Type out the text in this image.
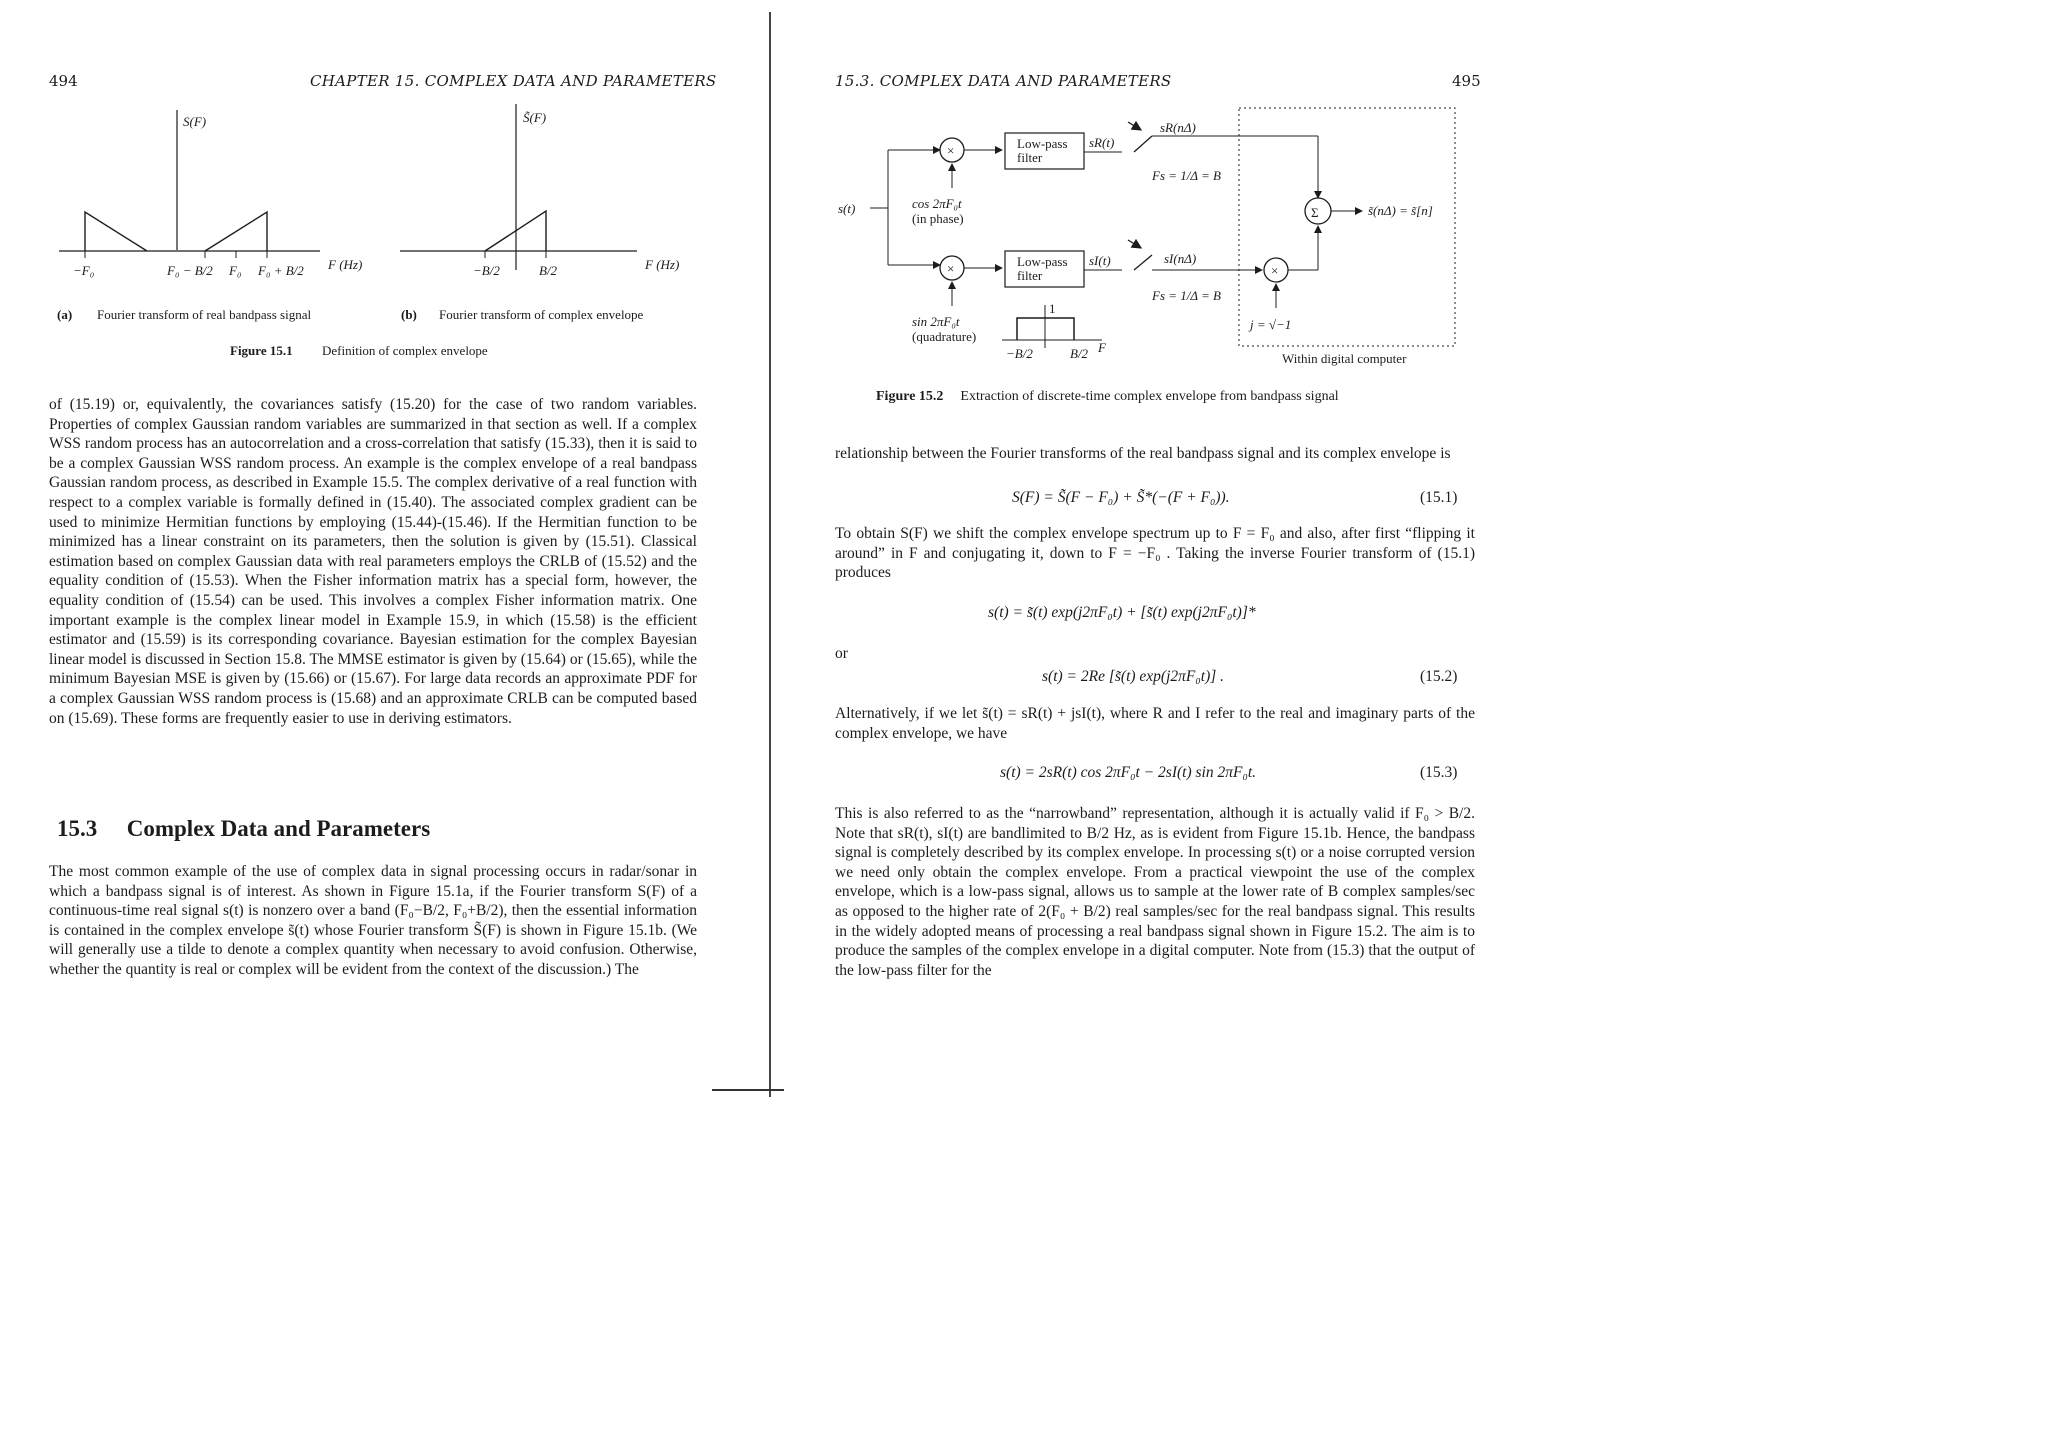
494	CHAPTER 15. COMPLEX DATA AND PARAMETERS
S(F)
−F₀	F₀ − B/2 F₀ F₀ + B/2 F (Hz)
S̃(F)
−B/2	B/2	F (Hz)
(a) Fourier transform of real bandpass signal	(b) Fourier transform of complex envelope
Figure 15.1 Definition of complex envelope

of (15.19) or, equivalently, the covariances satisfy (15.20) for the case of two random variables. Properties of complex Gaussian random variables are summarized in that section as well. If a complex WSS random process has an autocorrelation and a cross-correlation that satisfy (15.33), then it is said to be a complex Gaussian WSS random process. An example is the complex envelope of a real bandpass Gaussian random process, as described in Example 15.5. The complex derivative of a real function with respect to a complex variable is formally defined in (15.40). The associated complex gradient can be used to minimize Hermitian functions by employing (15.44)-(15.46). If the Hermitian function to be minimized has a linear constraint on its parameters, then the solution is given by (15.51). Classical estimation based on complex Gaussian data with real parameters employs the CRLB of (15.52) and the equality condition of (15.53). When the Fisher information matrix has a special form, however, the equality condition of (15.54) can be used. This involves a complex Fisher information matrix. One important example is the complex linear model in Example 15.9, in which (15.58) is the efficient estimator and (15.59) is its corresponding covariance. Bayesian estimation for the complex Bayesian linear model is discussed in Section 15.8. The MMSE estimator is given by (15.64) or (15.65), while the minimum Bayesian MSE is given by (15.66) or (15.67). For large data records an approximate PDF for a complex Gaussian WSS random process is (15.68) and an approximate CRLB can be computed based on (15.69). These forms are frequently easier to use in deriving estimators.

15.3 Complex Data and Parameters

The most common example of the use of complex data in signal processing occurs in radar/sonar in which a bandpass signal is of interest. As shown in Figure 15.1a, if the Fourier transform S(F) of a continuous-time real signal s(t) is nonzero over a band (F₀−B/2, F₀+B/2), then the essential information is contained in the complex envelope s̃(t) whose Fourier transform S̃(F) is shown in Figure 15.1b. (We will generally use a tilde to denote a complex quantity when necessary to avoid confusion. Otherwise, whether the quantity is real or complex will be evident from the context of the discussion.) The

15.3. COMPLEX DATA AND PARAMETERS	495
Within digital computer
s(t)
×
cos 2πF₀t
(in phase)
Low-pass
filter
sR(t)
sR(nΔ)
Fs = 1/Δ = B
Σ	s̃(nΔ) = s̃[n]
×
sin 2πF₀t
(quadrature)
Low-pass
filter
sI(t)	sI(nΔ)
Fs = 1/Δ = B
×
j = √−1
1
−B/2	B/2 F
Figure 15.2 Extraction of discrete-time complex envelope from bandpass signal

relationship between the Fourier transforms of the real bandpass signal and its complex envelope is

S(F) = S̃(F − F₀) + S̃*(−(F + F₀)).	(15.1)

To obtain S(F) we shift the complex envelope spectrum up to F = F₀ and also, after first “flipping it around” in F and conjugating it, down to F = −F₀ . Taking the inverse Fourier transform of (15.1) produces

s(t) = s̃(t) exp(j2πF₀t) + [s̃(t) exp(j2πF₀t)]*
or
s(t) = 2Re [s̃(t) exp(j2πF₀t)] .	(15.2)

Alternatively, if we let s̃(t) = sR(t) + jsI(t), where R and I refer to the real and imaginary parts of the complex envelope, we have

s(t) = 2sR(t) cos 2πF₀t − 2sI(t) sin 2πF₀t.	(15.3)

This is also referred to as the “narrowband” representation, although it is actually valid if F₀ > B/2. Note that sR(t), sI(t) are bandlimited to B/2 Hz, as is evident from Figure 15.1b. Hence, the bandpass signal is completely described by its complex envelope. In processing s(t) or a noise corrupted version we need only obtain the complex envelope. From a practical viewpoint the use of the complex envelope, which is a low-pass signal, allows us to sample at the lower rate of B complex samples/sec as opposed to the higher rate of 2(F₀ + B/2) real samples/sec for the real bandpass signal. This results in the widely adopted means of processing a real bandpass signal shown in Figure 15.2. The aim is to produce the samples of the complex envelope in a digital computer. Note from (15.3) that the output of the low-pass filter for the
